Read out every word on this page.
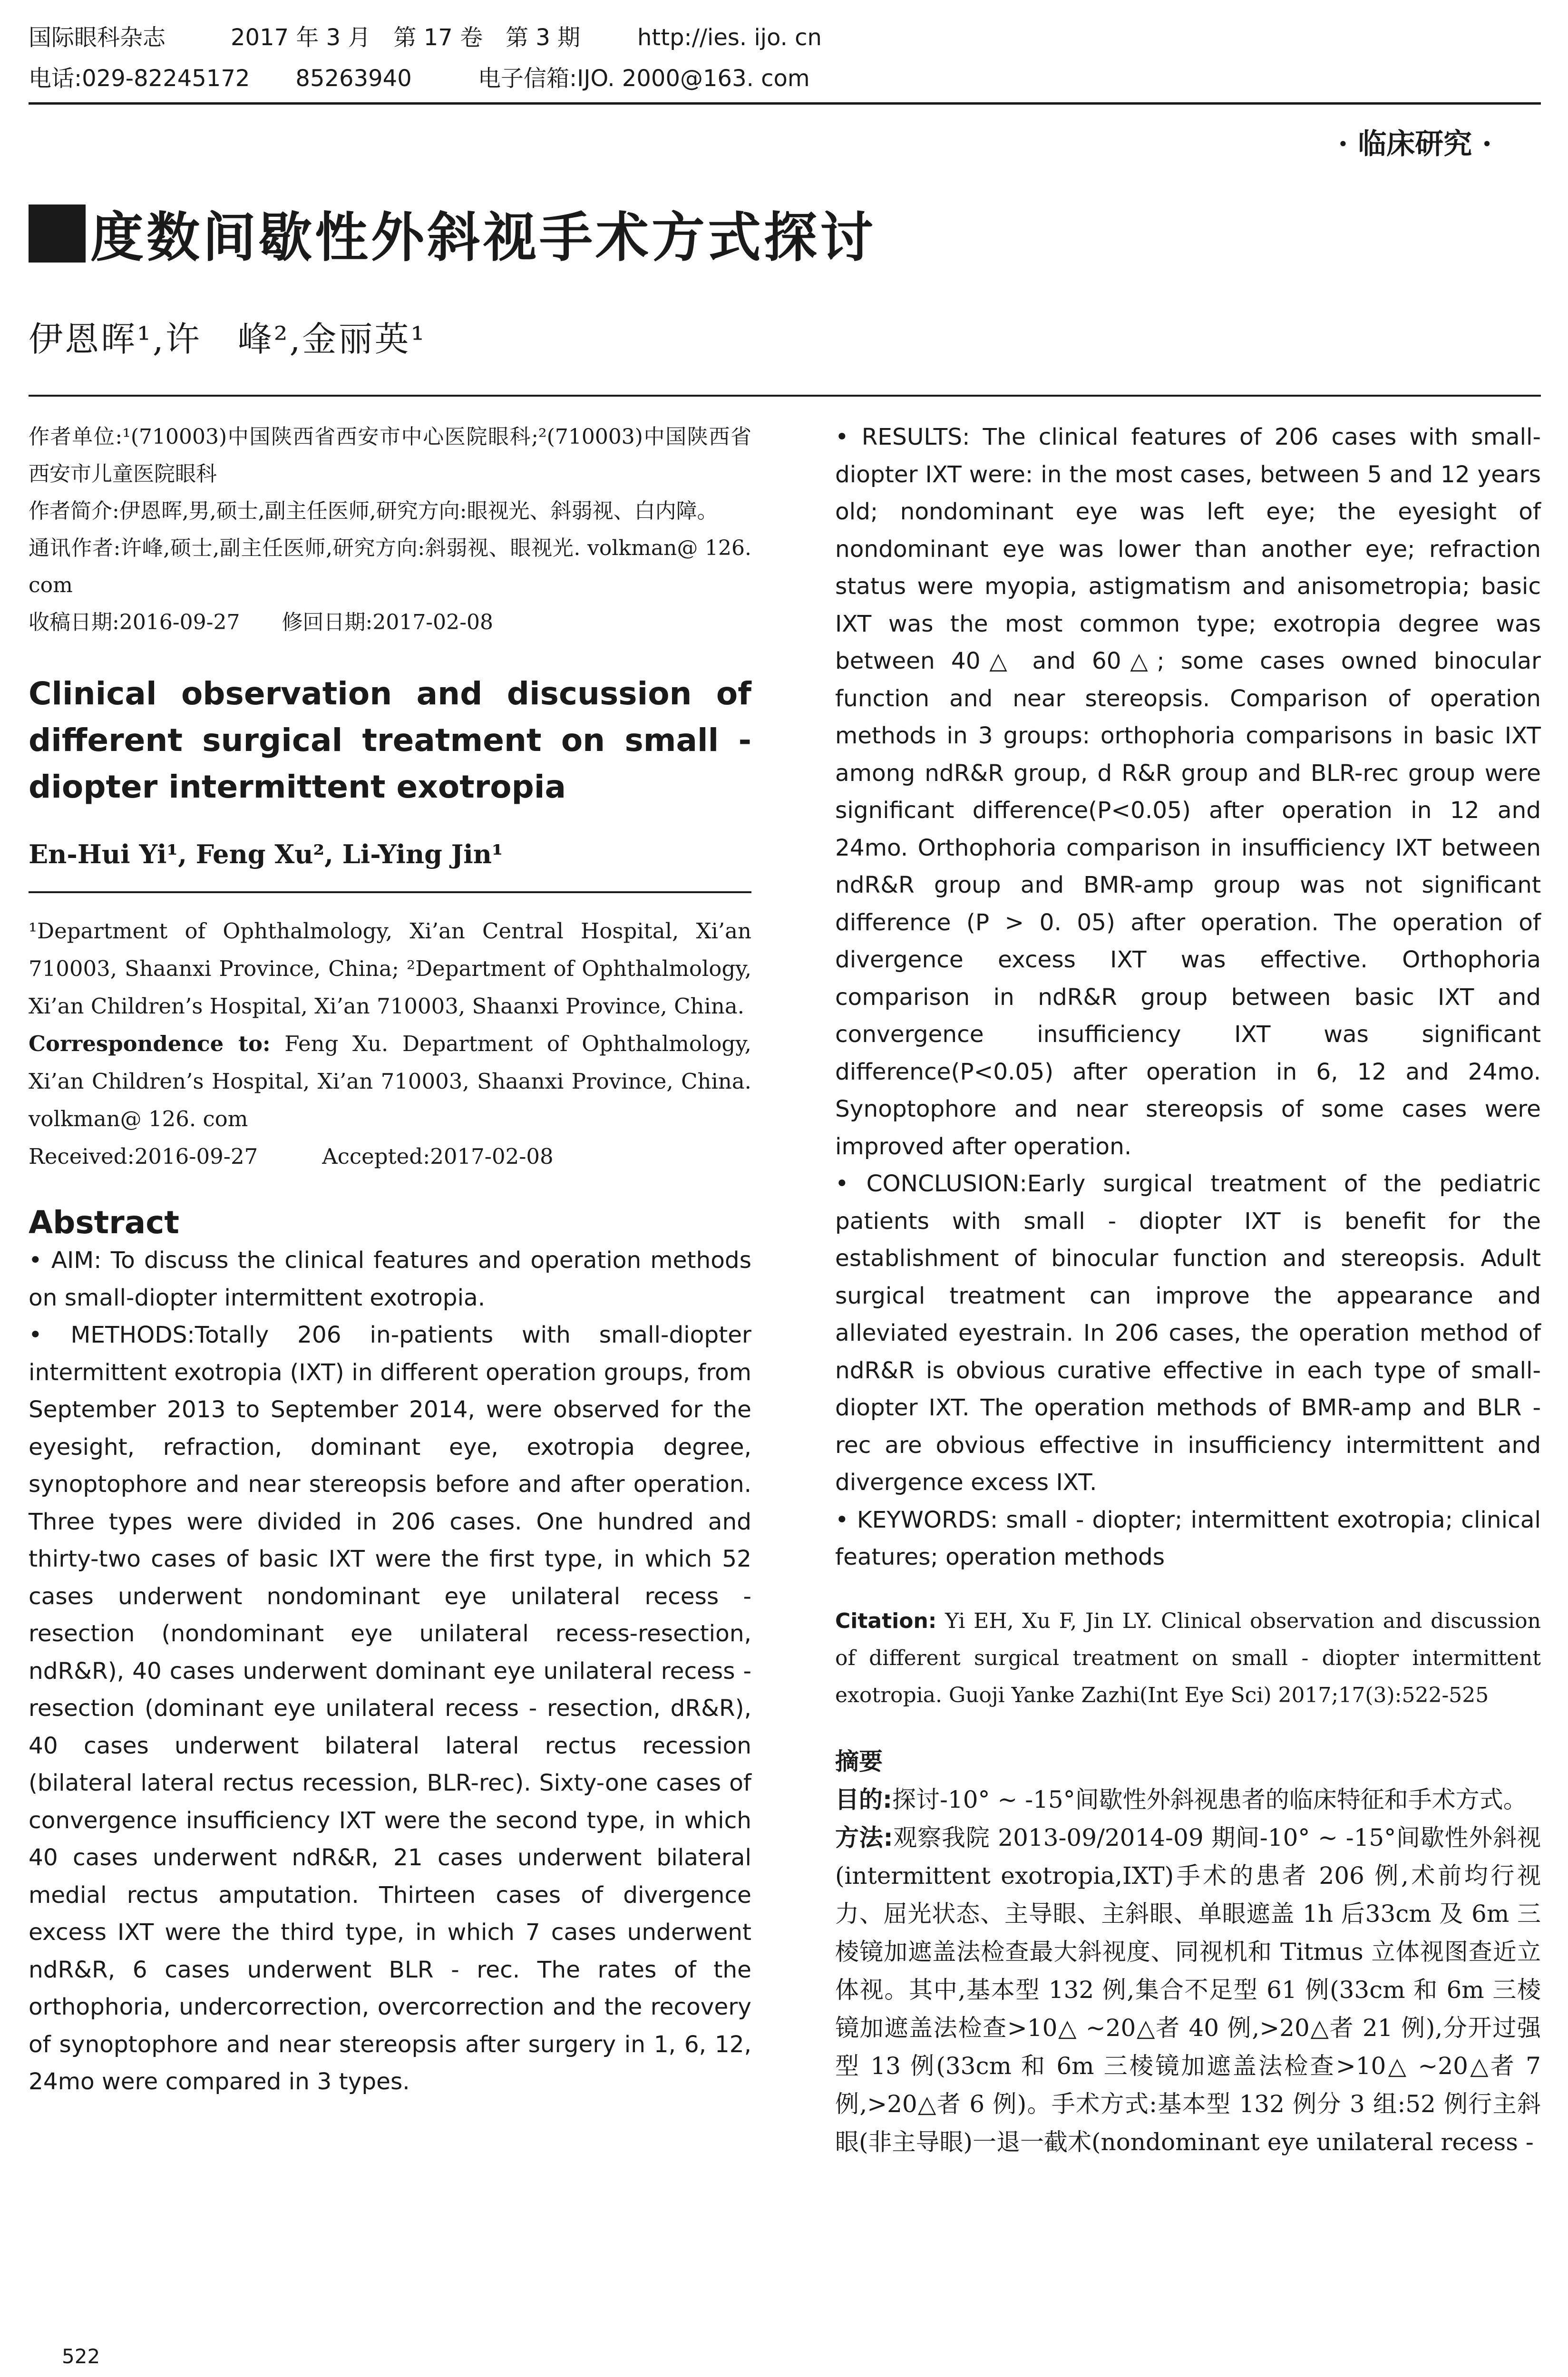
国际眼科杂志	2017 年 3 月　第 17 卷　第 3 期 http://ies. ijo. cn
电话:029-82245172　　85263940	电子信箱:IJO. 2000@163. com
· 临床研究 ·
度数间歇性外斜视手术方式探讨
伊恩晖¹,许　峰²,金丽英¹
作者单位:¹(710003)中国陕西省西安市中心医院眼科;²(710003)中国陕西省西安市儿童医院眼科
作者简介:伊恩晖,男,硕士,副主任医师,研究方向:眼视光、斜弱视、白内障。
通讯作者:许峰,硕士,副主任医师,研究方向:斜弱视、眼视光. volkman@ 126. com
收稿日期:2016-09-27　　修回日期:2017-02-08
Clinical observation and discussion of different surgical treatment on small - diopter intermittent exotropia
En-Hui Yi¹, Feng Xu², Li-Ying Jin¹
¹Department of Ophthalmology, Xi’an Central Hospital, Xi’an 710003, Shaanxi Province, China; ²Department of Ophthalmology, Xi’an Children’s Hospital, Xi’an 710003, Shaanxi Province, China.
Correspondence to: Feng Xu. Department of Ophthalmology, Xi’an Children’s Hospital, Xi’an 710003, Shaanxi Province, China. volkman@ 126. com
Received:2016-09-27　　　Accepted:2017-02-08
Abstract
• AIM: To discuss the clinical features and operation methods on small-diopter intermittent exotropia.
• METHODS:Totally 206 in-patients with small-diopter intermittent exotropia (IXT) in different operation groups, from September 2013 to September 2014, were observed for the eyesight, refraction, dominant eye, exotropia degree, synoptophore and near stereopsis before and after operation. Three types were divided in 206 cases. One hundred and thirty-two cases of basic IXT were the first type, in which 52 cases underwent nondominant eye unilateral recess - resection (nondominant eye unilateral recess-resection, ndR&R), 40 cases underwent dominant eye unilateral recess - resection (dominant eye unilateral recess - resection, dR&R), 40 cases underwent bilateral lateral rectus recession (bilateral lateral rectus recession, BLR-rec). Sixty-one cases of convergence insufficiency IXT were the second type, in which 40 cases underwent ndR&R, 21 cases underwent bilateral medial rectus amputation. Thirteen cases of divergence excess IXT were the third type, in which 7 cases underwent ndR&R, 6 cases underwent BLR - rec. The rates of the orthophoria, undercorrection, overcorrection and the recovery of synoptophore and near stereopsis after surgery in 1, 6, 12, 24mo were compared in 3 types.
• RESULTS: The clinical features of 206 cases with small-diopter IXT were: in the most cases, between 5 and 12 years old; nondominant eye was left eye; the eyesight of nondominant eye was lower than another eye; refraction status were myopia, astigmatism and anisometropia; basic IXT was the most common type; exotropia degree was between 40△ and 60△; some cases owned binocular function and near stereopsis. Comparison of operation methods in 3 groups: orthophoria comparisons in basic IXT among ndR&R group, d R&R group and BLR-rec group were significant difference(P<0.05) after operation in 12 and 24mo. Orthophoria comparison in insufficiency IXT between ndR&R group and BMR-amp group was not significant difference (P > 0. 05) after operation. The operation of divergence excess IXT was effective. Orthophoria comparison in ndR&R group between basic IXT and convergence insufficiency IXT was significant difference(P<0.05) after operation in 6, 12 and 24mo. Synoptophore and near stereopsis of some cases were improved after operation.
• CONCLUSION:Early surgical treatment of the pediatric patients with small - diopter IXT is benefit for the establishment of binocular function and stereopsis. Adult surgical treatment can improve the appearance and alleviated eyestrain. In 206 cases, the operation method of ndR&R is obvious curative effective in each type of small-diopter IXT. The operation methods of BMR-amp and BLR - rec are obvious effective in insufficiency intermittent and divergence excess IXT.
• KEYWORDS: small - diopter; intermittent exotropia; clinical features; operation methods
Citation: Yi EH, Xu F, Jin LY. Clinical observation and discussion of different surgical treatment on small - diopter intermittent exotropia. Guoji Yanke Zazhi(Int Eye Sci) 2017;17(3):522-525
摘要
目的:探讨-10° ~ -15°间歇性外斜视患者的临床特征和手术方式。
方法:观察我院 2013-09/2014-09 期间-10° ~ -15°间歇性外斜视(intermittent exotropia,IXT)手术的患者 206 例,术前均行视力、屈光状态、主导眼、主斜眼、单眼遮盖 1h 后33cm 及 6m 三棱镜加遮盖法检查最大斜视度、同视机和 Titmus 立体视图查近立体视。其中,基本型 132 例,集合不足型 61 例(33cm 和 6m 三棱镜加遮盖法检查>10△ ~20△者 40 例,>20△者 21 例),分开过强型 13 例(33cm 和 6m 三棱镜加遮盖法检查>10△ ~20△者 7 例,>20△者 6 例)。手术方式:基本型 132 例分 3 组:52 例行主斜眼(非主导眼)一退一截术(nondominant eye unilateral recess -
522
